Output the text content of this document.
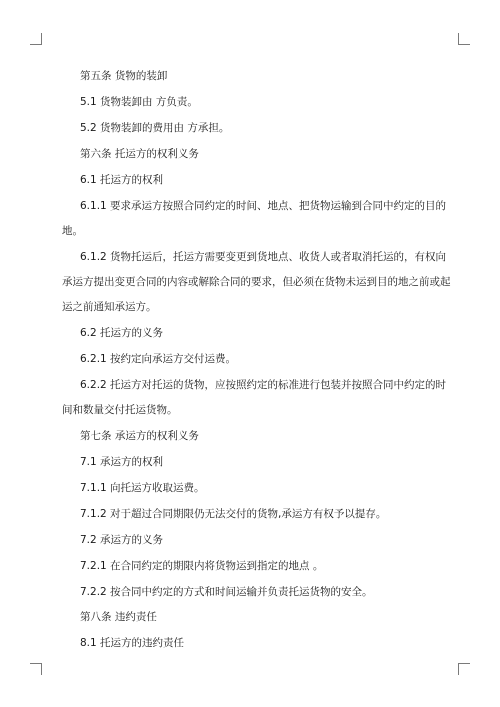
第五条 货物的装卸
5.1 货物装卸由 方负责。
5.2 货物装卸的费用由 方承担。
第六条 托运方的权利义务
6.1 托运方的权利
6.1.1 要求承运方按照合同约定的时间、地点、把货物运输到合同中约定的目的
地。
6.1.2 货物托运后，托运方需要变更到货地点、收货人或者取消托运的，有权向
承运方提出变更合同的内容或解除合同的要求，但必须在货物未运到目的地之前或起
运之前通知承运方。
6.2 托运方的义务
6.2.1 按约定向承运方交付运费。
6.2.2 托运方对托运的货物，应按照约定的标准进行包装并按照合同中约定的时
间和数量交付托运货物。
第七条 承运方的权利义务
7.1 承运方的权利
7.1.1 向托运方收取运费。
7.1.2 对于超过合同期限仍无法交付的货物,承运方有权予以提存。
7.2 承运方的义务
7.2.1 在合同约定的期限内将货物运到指定的地点 。
7.2.2 按合同中约定的方式和时间运输并负责托运货物的安全。
第八条 违约责任
8.1 托运方的违约责任
